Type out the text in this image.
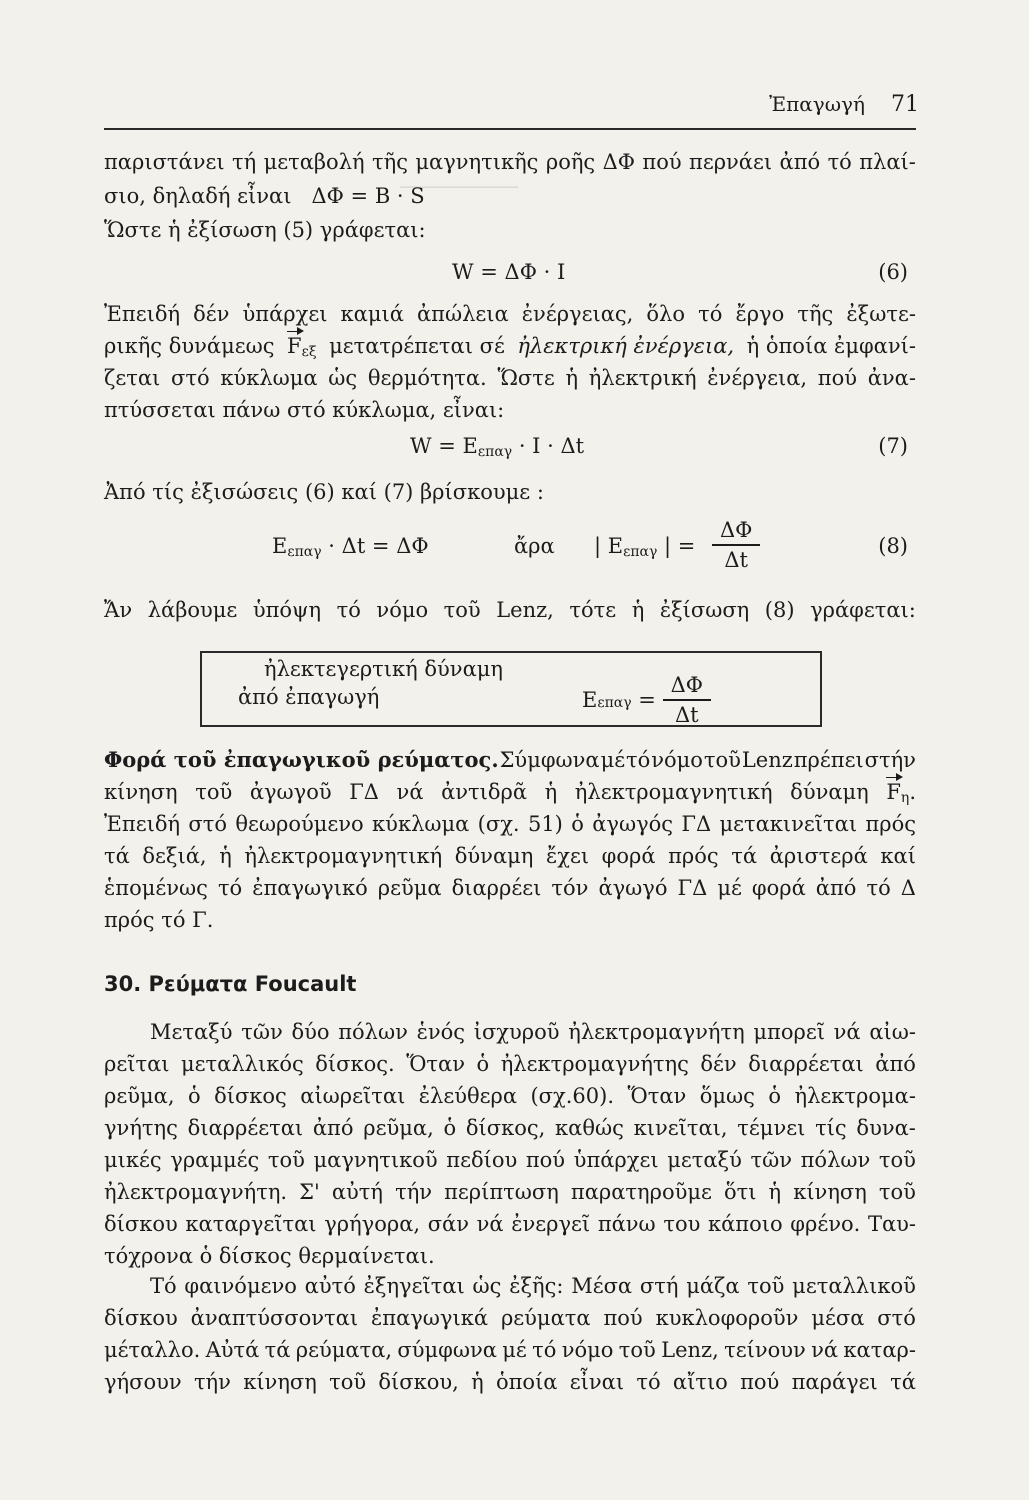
──────────────
Ἐπαγωγή 71
παριστάνει τή μεταβολή τῆς μαγνητικῆς ροῆς ΔΦ πού περνάει ἀπό τό πλαί-
σιο, δηλαδή εἶναι   ΔΦ = Β · S
Ὥστε ἡ ἐξίσωση (5) γράφεται:
W = ΔΦ · I	(6)
Ἐπειδή δέν ὑπάρχει καμιά ἀπώλεια ἐνέργειας, ὅλο τό ἔργο τῆς ἐξωτε-
ρικῆς δυνάμεως Fεξ μετατρέπεται σέ ἠλεκτρική ἐνέργεια, ἡ ὁποία ἐμφανί-
ζεται στό κύκλωμα ὡς θερμότητα. Ὥστε ἡ ἠλεκτρική ἐνέργεια, πού ἀνα-
πτύσσεται πάνω στό κύκλωμα, εἶναι:
W = Eεπαγ · I · Δt	(7)
Ἀπό τίς ἐξισώσεις (6) καί (7) βρίσκουμε :
Eεπαγ · Δt = ΔΦ	ἄρα | Eεπαγ | = $\frac{\Delta\Phi}{\Delta t}$	(8)
Ἄν λάβουμε ὑπόψη τό νόμο τοῦ Lenz, τότε ἡ ἐξίσωση (8) γράφεται:
ἠλεκτεγερτική δύναμη
ἀπό ἐπαγωγή	E $\varepsilon\pi\alpha\gamma = \frac{\Delta\Phi}{\Delta t}$
Φορά τοῦ ἐπαγωγικοῦ ρεύματος. Σύμφωνα μέ τό νόμο τοῦ Lenz πρέπει στήν
κίνηση τοῦ ἀγωγοῦ ΓΔ νά ἀντιδρᾶ ἡ ἠλεκτρομαγνητική δύναμη Fη.
Ἐπειδή στό θεωρούμενο κύκλωμα (σχ. 51) ὁ ἀγωγός ΓΔ μετακινεῖται πρός
τά δεξιά, ἡ ἠλεκτρομαγνητική δύναμη ἔχει φορά πρός τά ἀριστερά καί
ἑπομένως τό ἐπαγωγικό ρεῦμα διαρρέει τόν ἀγωγό ΓΔ μέ φορά ἀπό τό Δ
πρός τό Γ.
30. Ρεύματα Foucault
Μεταξύ τῶν δύο πόλων ἑνός ἰσχυροῦ ἠλεκτρομαγνήτη μπορεῖ νά αἰω-
ρεῖται μεταλλικός δίσκος. Ὅταν ὁ ἠλεκτρομαγνήτης δέν διαρρέεται ἀπό
ρεῦμα, ὁ δίσκος αἰωρεῖται ἐλεύθερα (σχ.60). Ὅταν ὅμως ὁ ἠλεκτρομα-
γνήτης διαρρέεται ἀπό ρεῦμα, ὁ δίσκος, καθώς κινεῖται, τέμνει τίς δυνα-
μικές γραμμές τοῦ μαγνητικοῦ πεδίου πού ὑπάρχει μεταξύ τῶν πόλων τοῦ
ἠλεκτρομαγνήτη. Σ' αὐτή τήν περίπτωση παρατηροῦμε ὅτι ἡ κίνηση τοῦ
δίσκου καταργεῖται γρήγορα, σάν νά ἐνεργεῖ πάνω του κάποιο φρένο. Ταυ-
τόχρονα ὁ δίσκος θερμαίνεται.
Τό φαινόμενο αὐτό ἐξηγεῖται ὡς ἐξῆς: Μέσα στή μάζα τοῦ μεταλλικοῦ
δίσκου ἀναπτύσσονται ἐπαγωγικά ρεύματα πού κυκλοφοροῦν μέσα στό
μέταλλο. Αὐτά τά ρεύματα, σύμφωνα μέ τό νόμο τοῦ Lenz, τείνουν νά καταρ-
γήσουν τήν κίνηση τοῦ δίσκου, ἡ ὁποία εἶναι τό αἴτιο πού παράγει τά
